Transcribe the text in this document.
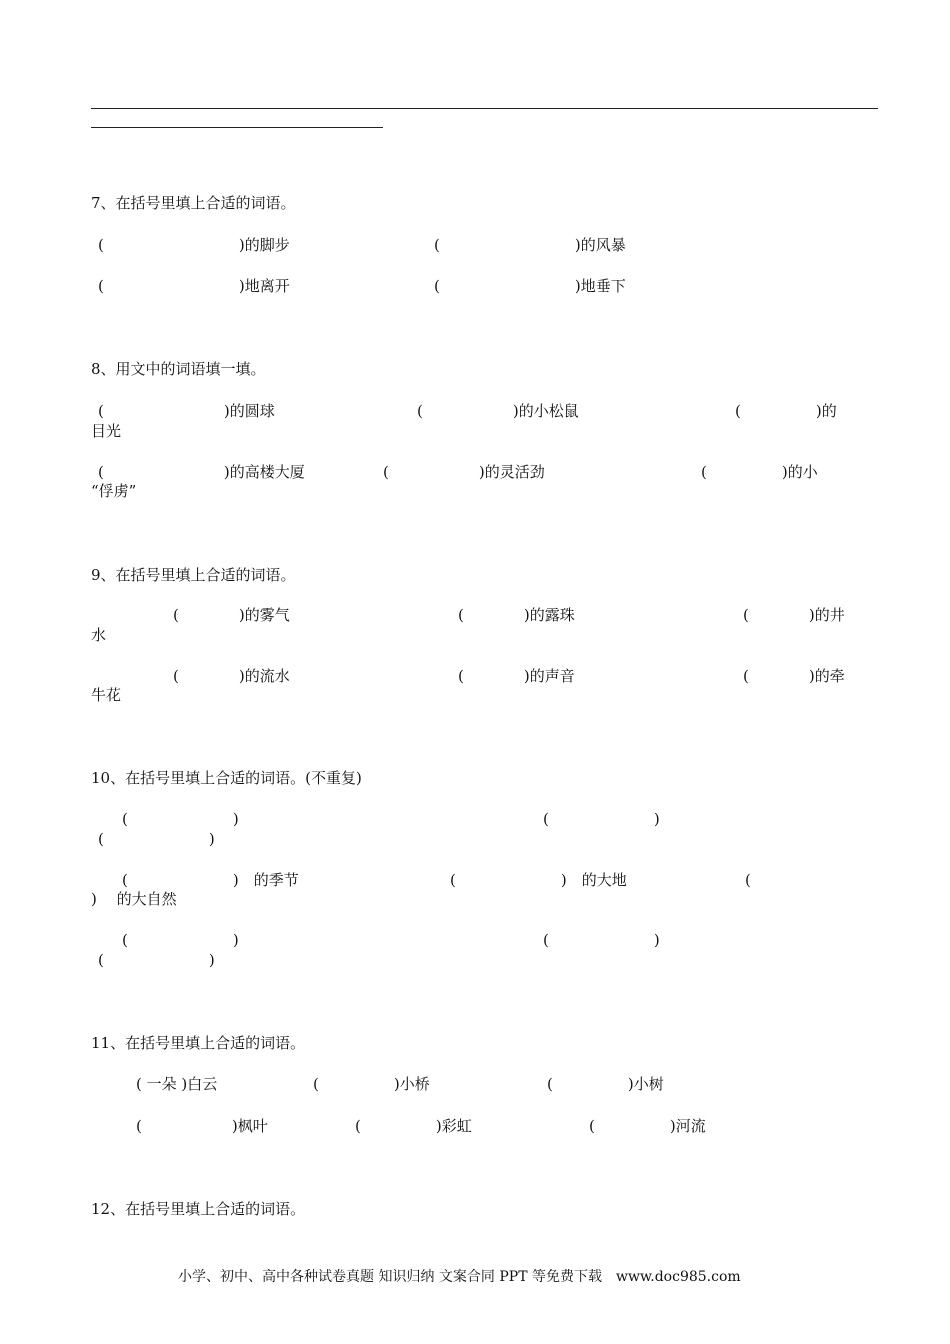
7、在括号里填上合适的词语。
(　　　　　　　　　)的脚步	(　　　　　　　　　)的风暴
(　　　　　　　　　)地离开	(　　　　　　　　　)地垂下
8、用文中的词语填一填。
(　　　　　　　　)的圆球	(　　　　　　)的小松鼠	(　　　　　)的
目光
(　　　　　　　　)的高楼大厦	(　　　　　　)的灵活劲	(　　　　　)的小
“俘虏”
9、在括号里填上合适的词语。
(　　　　)的雾气	(　　　　)的露珠	(　　　　)的井
水
(　　　　)的流水	(　　　　)的声音	(　　　　)的牵
牛花
10、在括号里填上合适的词语。(不重复)
(　　　　　　　)	(　　　　　　　)
(　　　　　　　)
(　　　　　　　)　的季节	(　　　　　　　)　的大地	(
)　 的大自然
(　　　　　　　)	(　　　　　　　)
(　　　　　　　)
11、在括号里填上合适的词语。
( 一朵 )白云	(　　　　　)小桥	(　　　　　)小树
(　　　　　　)枫叶	(　　　　　)彩虹	(　　　　　)河流
12、在括号里填上合适的词语。
小学、初中、高中各种试卷真题 知识归纳 文案合同 PPT 等免费下载　www.doc985.com
